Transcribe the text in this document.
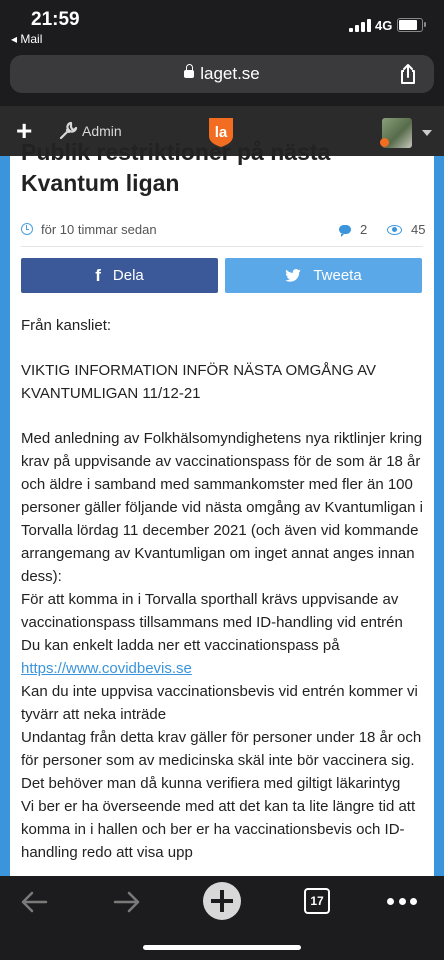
21:59
◂ Mail
4G
laget.se
+	Admin	la
Publik restriktioner på nästa Kvantum ligan
för 10 timmar sedan	2	45
f Dela	Tweeta

Från kansliet:

VIKTIG INFORMATION INFÖR NÄSTA OMGÅNG AV KVANTUMLIGAN 11/12-21

Med anledning av Folkhälsomyndighetens nya riktlinjer kring krav på uppvisande av vaccinationspass för de som är 18 år och äldre i samband med sammankomster med fler än 100 personer gäller följande vid nästa omgång av Kvantumligan i Torvalla lördag 11 december 2021 (och även vid kommande arrangemang av Kvantumligan om inget annat anges innan dess):

För att komma in i Torvalla sporthall krävs uppvisande av vaccinationspass tillsammans med ID-handling vid entrén

Du kan enkelt ladda ner ett vaccinationspass på

https://www.covidbevis.se

Kan du inte uppvisa vaccinationsbevis vid entrén kommer vi tyvärr att neka inträde

Undantag från detta krav gäller för personer under 18 år och för personer som av medicinska skäl inte bör vaccinera sig. Det behöver man då kunna verifiera med giltigt läkarintyg

Vi ber er ha överseende med att det kan ta lite längre tid att komma in i hallen och ber er ha vaccinationsbevis och ID-handling redo att visa upp

17
